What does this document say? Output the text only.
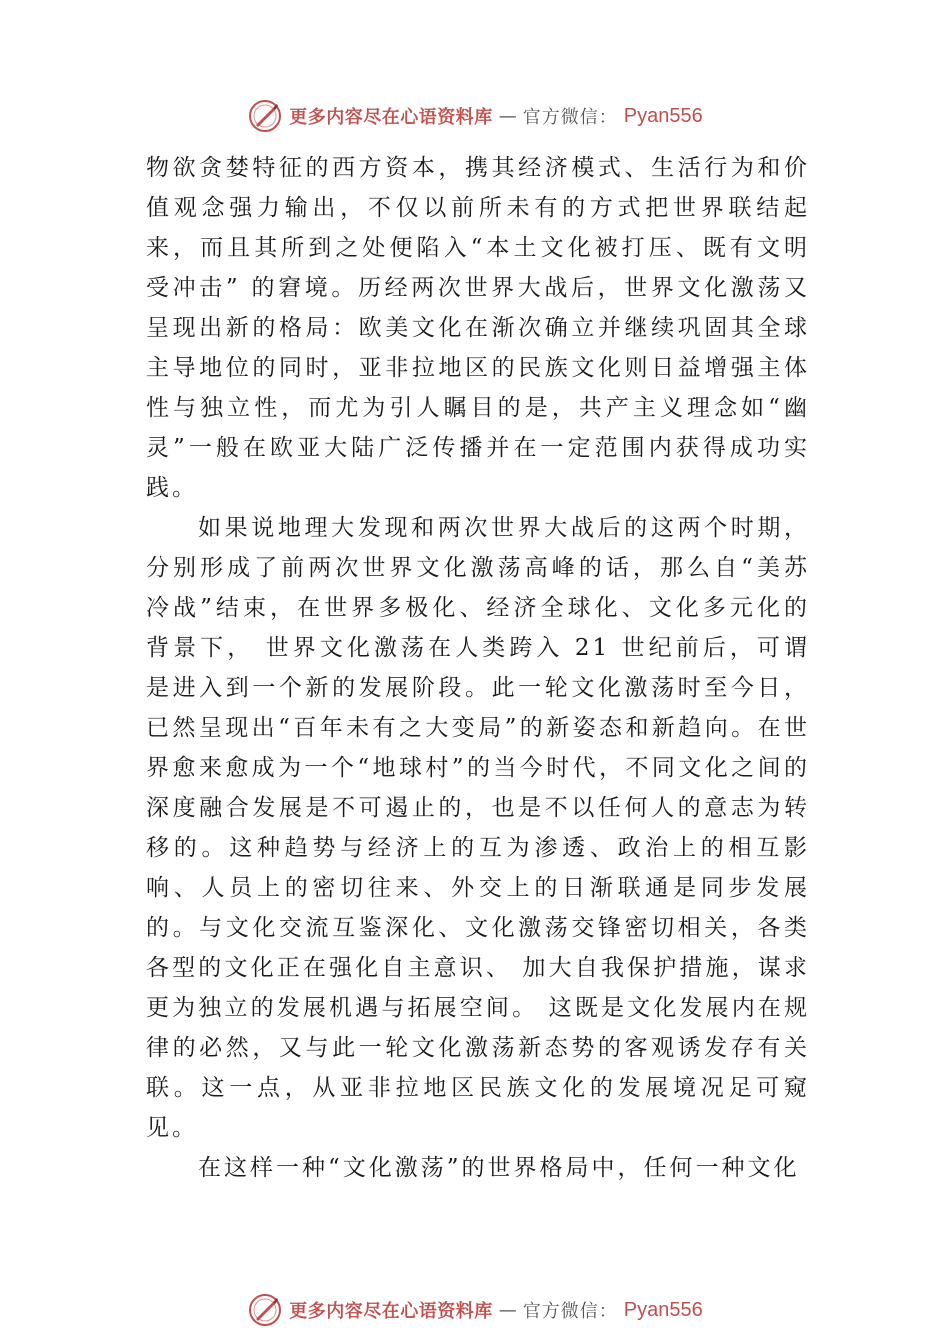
更多内容尽在心语资料库 — 官方微信： Pyan556

物欲贪婪特征的西方资本，携其经济模式、生活行为和价值观念强力输出，不仅以前所未有的方式把世界联结起来，而且其所到之处便陷入“本土文化被打压、既有文明受冲击” 的窘境。历经两次世界大战后，世界文化激荡又呈现出新的格局：欧美文化在渐次确立并继续巩固其全球主导地位的同时，亚非拉地区的民族文化则日益增强主体性与独立性，而尤为引人瞩目的是，共产主义理念如“幽灵”一般在欧亚大陆广泛传播并在一定范围内获得成功实践。

如果说地理大发现和两次世界大战后的这两个时期，分别形成了前两次世界文化激荡高峰的话，那么自“美苏冷战”结束，在世界多极化、经济全球化、文化多元化的背景下， 世界文化激荡在人类跨入 21 世纪前后，可谓是进入到一个新的发展阶段。此一轮文化激荡时至今日，已然呈现出“百年未有之大变局”的新姿态和新趋向。在世界愈来愈成为一个“地球村”的当今时代，不同文化之间的深度融合发展是不可遏止的，也是不以任何人的意志为转移的。这种趋势与经济上的互为渗透、政治上的相互影响、人员上的密切往来、外交上的日渐联通是同步发展的。与文化交流互鉴深化、文化激荡交锋密切相关，各类各型的文化正在强化自主意识、 加大自我保护措施，谋求更为独立的发展机遇与拓展空间。 这既是文化发展内在规律的必然，又与此一轮文化激荡新态势的客观诱发存有关联。这一点，从亚非拉地区民族文化的发展境况足可窥见。

在这样一种“文化激荡”的世界格局中，任何一种文化

更多内容尽在心语资料库 — 官方微信： Pyan556
